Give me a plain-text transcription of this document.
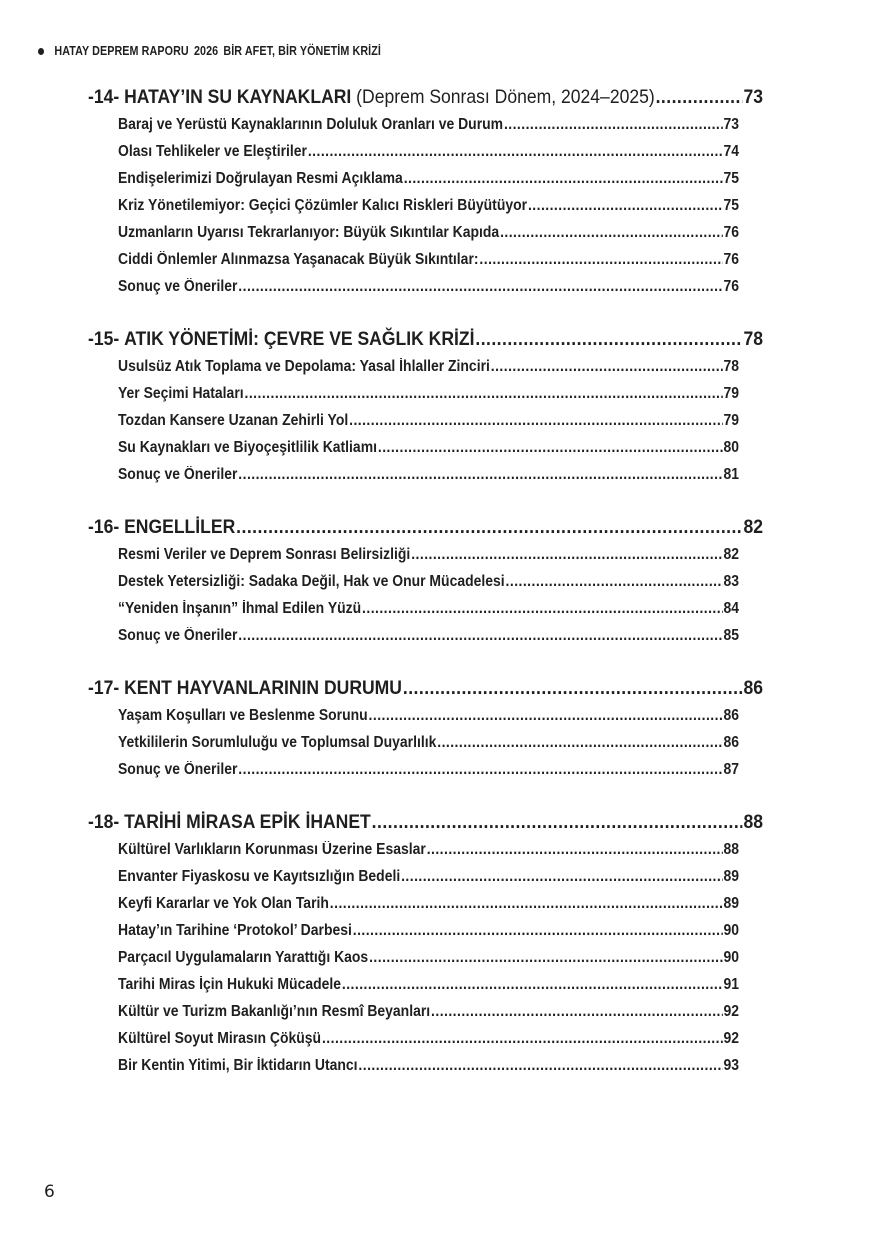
HATAY DEPREM RAPORU 2026 BİR AFET, BİR YÖNETİM KRİZİ
-14-
HATAY’IN SU KAYNAKLARI
(Deprem Sonrası Dönem, 2024–2025) .....	73
Baraj ve Yerüstü Kaynaklarının Doluluk Oranları ve Durum .....	73
Olası Tehlikeler ve Eleştiriler .....	74
Endişelerimizi Doğrulayan Resmi Açıklama .....	75
Kriz Yönetilemiyor: Geçici Çözümler Kalıcı Riskleri Büyütüyor .....	75
Uzmanların Uyarısı Tekrarlanıyor: Büyük Sıkıntılar Kapıda .....	76
Ciddi Önlemler Alınmazsa Yaşanacak Büyük Sıkıntılar: .....	76
Sonuç ve Öneriler .....	76
-15-
ATIK YÖNETİMİ: ÇEVRE VE SAĞLIK KRİZİ .....	78
Usulsüz Atık Toplama ve Depolama: Yasal İhlaller Zinciri .....	78
Yer Seçimi Hataları .....	79
Tozdan Kansere Uzanan Zehirli Yol .....	79
Su Kaynakları ve Biyoçeşitlilik Katliamı .....	80
Sonuç ve Öneriler .....	81
-16-
ENGELLİLER .....	82
Resmi Veriler ve Deprem Sonrası Belirsizliği .....	82
Destek Yetersizliği: Sadaka Değil, Hak ve Onur Mücadelesi .....	83
“Yeniden İnşanın” İhmal Edilen Yüzü .....	84
Sonuç ve Öneriler .....	85
-17-
KENT HAYVANLARININ DURUMU .....	86
Yaşam Koşulları ve Beslenme Sorunu .....	86
Yetkililerin Sorumluluğu ve Toplumsal Duyarlılık .....	86
Sonuç ve Öneriler .....	87
-18-
TARİHİ MİRASA EPİK İHANET .....	88
Kültürel Varlıkların Korunması Üzerine Esaslar .....	88
Envanter Fiyaskosu ve Kayıtsızlığın Bedeli .....	89
Keyfi Kararlar ve Yok Olan Tarih .....	89
Hatay’ın Tarihine ‘Protokol’ Darbesi .....	90
Parçacıl Uygulamaların Yarattığı Kaos .....	90
Tarihi Miras İçin Hukuki Mücadele .....	91
Kültür ve Turizm Bakanlığı’nın Resmî Beyanları .....	92
Kültürel Soyut Mirasın Çöküşü .....	92
Bir Kentin Yitimi, Bir İktidarın Utancı .....	93
6
